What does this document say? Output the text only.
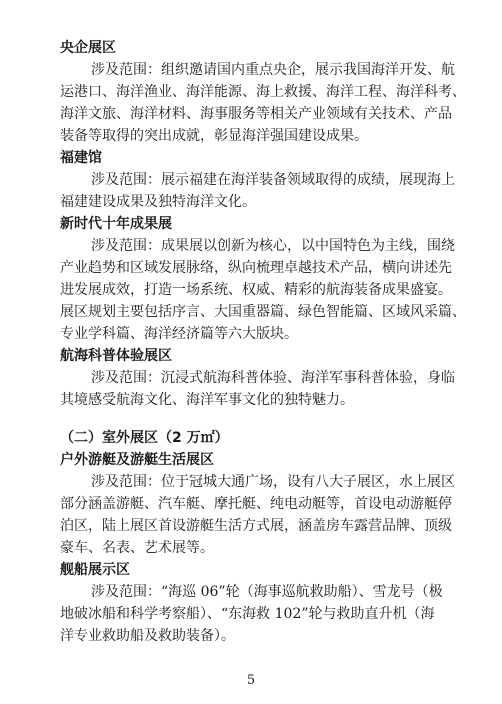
央企展区
涉及范围：组织邀请国内重点央企，展示我国海洋开发、航
运港口、海洋渔业、海洋能源、海上救援、海洋工程、海洋科考、
海洋文旅、海洋材料、海事服务等相关产业领域有关技术、产品
装备等取得的突出成就，彰显海洋强国建设成果。
福建馆
涉及范围：展示福建在海洋装备领域取得的成绩，展现海上
福建建设成果及独特海洋文化。
新时代十年成果展
涉及范围：成果展以创新为核心，以中国特色为主线，围绕
产业趋势和区域发展脉络，纵向梳理卓越技术产品，横向讲述先
进发展成效，打造一场系统、权威、精彩的航海装备成果盛宴。
展区规划主要包括序言、大国重器篇、绿色智能篇、区域风采篇、
专业学科篇、海洋经济篇等六大版块。
航海科普体验展区
涉及范围：沉浸式航海科普体验、海洋军事科普体验，身临
其境感受航海文化、海洋军事文化的独特魅力。
（二）室外展区（2 万㎡）
户外游艇及游艇生活展区
涉及范围：位于冠城大通广场，设有八大子展区，水上展区
部分涵盖游艇、汽车艇、摩托艇、纯电动艇等，首设电动游艇停
泊区，陆上展区首设游艇生活方式展，涵盖房车露营品牌、顶级
豪车、名表、艺术展等。
舰船展示区
涉及范围：“海巡 06”轮（海事巡航救助船）、雪龙号（极
地破冰船和科学考察船）、“东海救 102”轮与救助直升机（海
洋专业救助船及救助装备）。
5
